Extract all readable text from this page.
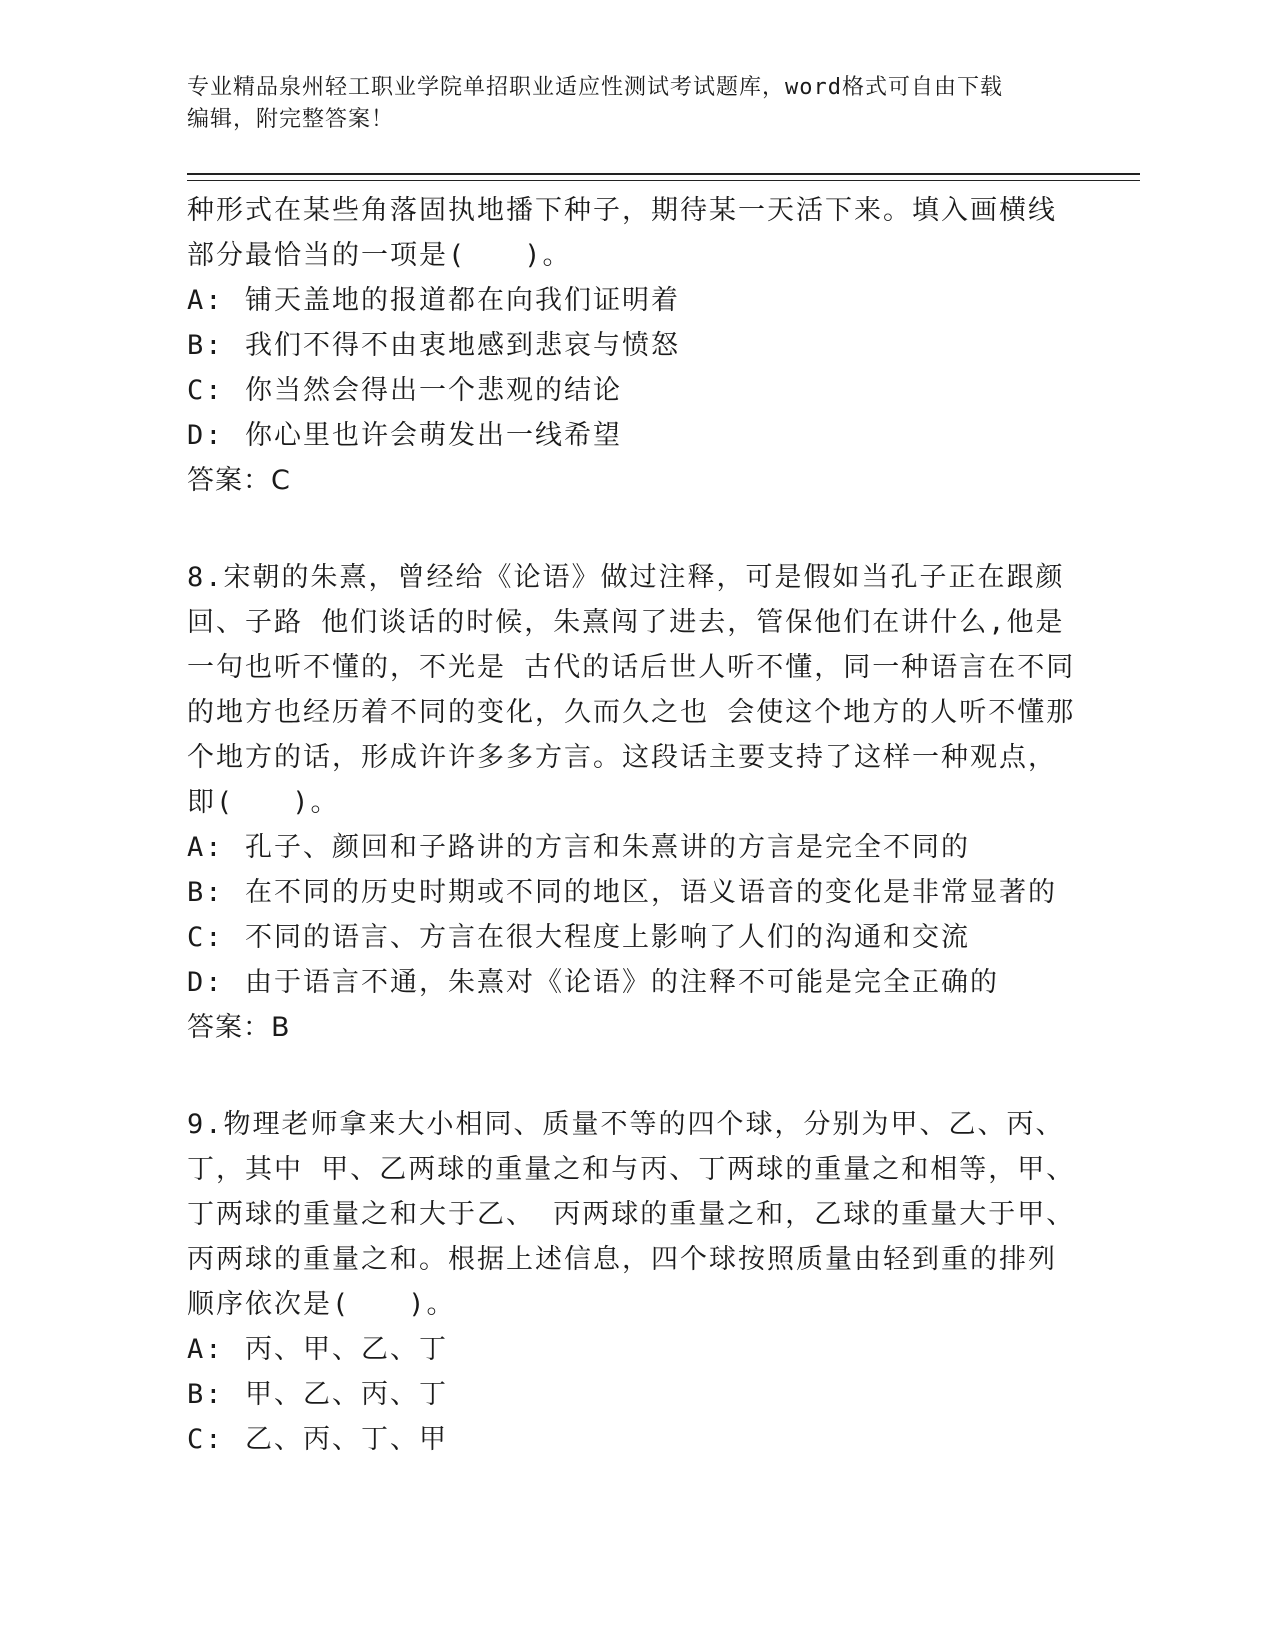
专业精品泉州轻工职业学院单招职业适应性测试考试题库，word格式可自由下载
编辑，附完整答案！
种形式在某些角落固执地播下种子，期待某一天活下来。填入画横线
部分最恰当的一项是(　　)。
A: 铺天盖地的报道都在向我们证明着
B: 我们不得不由衷地感到悲哀与愤怒
C: 你当然会得出一个悲观的结论
D: 你心里也许会萌发出一线希望
答案：C
8.宋朝的朱熹，曾经给《论语》做过注释，可是假如当孔子正在跟颜
回、子路 他们谈话的时候，朱熹闯了进去，管保他们在讲什么,他是
一句也听不懂的，不光是 古代的话后世人听不懂，同一种语言在不同
的地方也经历着不同的变化，久而久之也 会使这个地方的人听不懂那
个地方的话，形成许许多多方言。这段话主要支持了这样一种观点，
即(　　)。
A: 孔子、颜回和子路讲的方言和朱熹讲的方言是完全不同的
B: 在不同的历史时期或不同的地区，语义语音的变化是非常显著的
C: 不同的语言、方言在很大程度上影响了人们的沟通和交流
D: 由于语言不通，朱熹对《论语》的注释不可能是完全正确的
答案：B
9.物理老师拿来大小相同、质量不等的四个球，分别为甲、乙、丙、
丁，其中 甲、乙两球的重量之和与丙、丁两球的重量之和相等，甲、
丁两球的重量之和大于乙、 丙两球的重量之和，乙球的重量大于甲、
丙两球的重量之和。根据上述信息，四个球按照质量由轻到重的排列
顺序依次是(　　)。
A: 丙、甲、乙、丁
B: 甲、乙、丙、丁
C: 乙、丙、丁、甲
